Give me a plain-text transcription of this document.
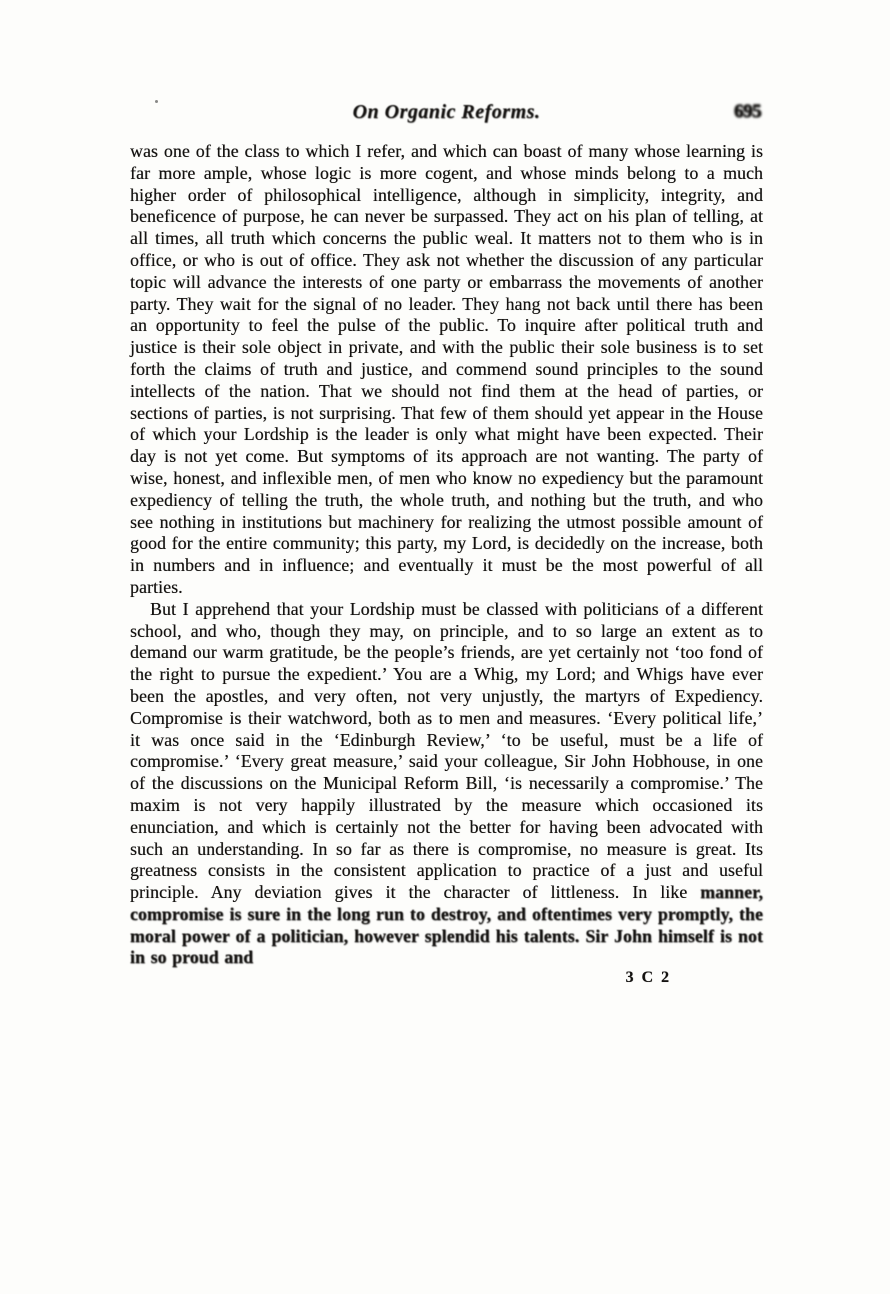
On Organic Reforms.	695

was one of the class to which I refer, and which can boast of many whose learning is far more ample, whose logic is more cogent, and whose minds belong to a much higher order of philosophical intelligence, although in simplicity, integrity, and beneficence of purpose, he can never be surpassed. They act on his plan of telling, at all times, all truth which concerns the public weal. It matters not to them who is in office, or who is out of office. They ask not whether the discussion of any particular topic will advance the interests of one party or embarrass the movements of another party. They wait for the signal of no leader. They hang not back until there has been an opportunity to feel the pulse of the public. To inquire after political truth and justice is their sole object in private, and with the public their sole business is to set forth the claims of truth and justice, and commend sound principles to the sound intellects of the nation. That we should not find them at the head of parties, or sections of parties, is not surprising. That few of them should yet appear in the House of which your Lordship is the leader is only what might have been expected. Their day is not yet come. But symptoms of its approach are not wanting. The party of wise, honest, and inflexible men, of men who know no expediency but the paramount expediency of telling the truth, the whole truth, and nothing but the truth, and who see nothing in institutions but machinery for realizing the utmost possible amount of good for the entire community; this party, my Lord, is decidedly on the increase, both in numbers and in influence; and eventually it must be the most powerful of all parties.

But I apprehend that your Lordship must be classed with politicians of a different school, and who, though they may, on principle, and to so large an extent as to demand our warm gratitude, be the people’s friends, are yet certainly not ‘too fond of the right to pursue the expedient.’ You are a Whig, my Lord; and Whigs have ever been the apostles, and very often, not very unjustly, the martyrs of Expediency. Compromise is their watchword, both as to men and measures. ‘Every political life,’ it was once said in the ‘Edinburgh Review,’ ‘to be useful, must be a life of compromise.’ ‘Every great measure,’ said your colleague, Sir John Hobhouse, in one of the discussions on the Municipal Reform Bill, ‘is necessarily a compromise.’ The maxim is not very happily illustrated by the measure which occasioned its enunciation, and which is certainly not the better for having been advocated with such an understanding. In so far as there is compromise, no measure is great. Its greatness consists in the consistent application to practice of a just and useful principle. Any deviation gives it the character of littleness. In like manner, compromise is sure in the long run to destroy, and oftentimes very promptly, the moral power of a politician, however splendid his talents. Sir John himself is not in so proud and

3 C 2
